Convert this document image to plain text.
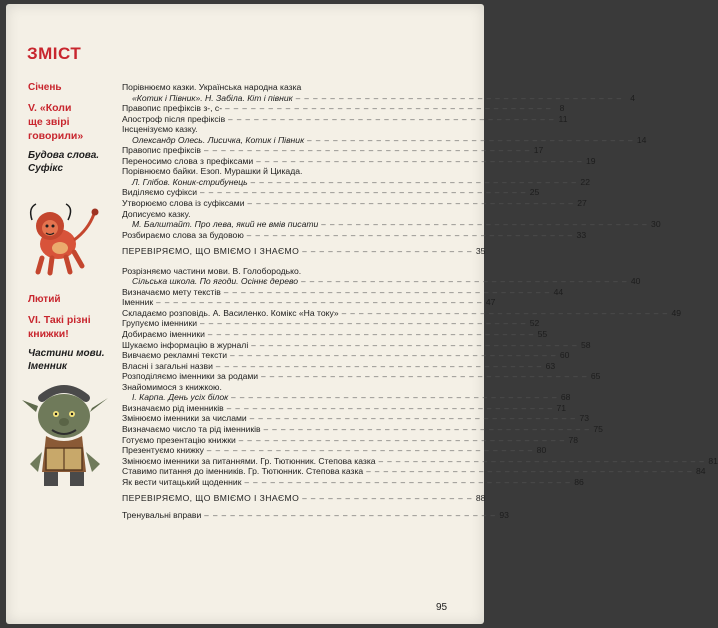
ЗМІСТ
Січень
V. «Коли
ще звірі
говорили»
Будова слова.
Суфікс
Лютий
VI. Такі різні
книжки!
Частини мови.
Іменник
Порівнюємо казки. Українська народна казка
«Котик і Півник». Н. Забіла. Кіт і півник – – – – – – – – – – – – – – – – – – – – – – – – – – – – – – – – – – – – – – 4
Правопис префіксів з-, с- – – – – – – – – – – – – – – – – – – – – – – – – – – – – – – – – – – – – – – 8
Апостроф після префіксів – – – – – – – – – – – – – – – – – – – – – – – – – – – – – – – – – – – – – – 11
Інсценізуємо казку.
Олександр Олесь. Лисичка, Котик і Півник – – – – – – – – – – – – – – – – – – – – – – – – – – – – – – – – – – – – – – 14
Правопис префіксів – – – – – – – – – – – – – – – – – – – – – – – – – – – – – – – – – – – – – – 17
Переносимо слова з префіксами – – – – – – – – – – – – – – – – – – – – – – – – – – – – – – – – – – – – – – 19
Порівнюємо байки. Езоп. Мурашки й Цикада.
Л. Глібов. Коник-стрибунець – – – – – – – – – – – – – – – – – – – – – – – – – – – – – – – – – – – – – – 22
Виділяємо суфікси – – – – – – – – – – – – – – – – – – – – – – – – – – – – – – – – – – – – – – 25
Утворюємо слова із суфіксами – – – – – – – – – – – – – – – – – – – – – – – – – – – – – – – – – – – – – – 27
Дописуємо казку.
М. Балштайт. Про лева, який не вмів писати – – – – – – – – – – – – – – – – – – – – – – – – – – – – – – – – – – – – – – 30
Розбираємо слова за будовою – – – – – – – – – – – – – – – – – – – – – – – – – – – – – – – – – – – – – – 33
ПЕРЕВІРЯЄМО, ЩО ВМІЄМО І ЗНАЄМО – – – – – – – – – – – – – – – – – – – – 35
Розрізняємо частини мови. В. Голобородько.
Сільська школа. По ягоди. Осіннє дерево – – – – – – – – – – – – – – – – – – – – – – – – – – – – – – – – – – – – – – 40
Визначаємо мету текстів – – – – – – – – – – – – – – – – – – – – – – – – – – – – – – – – – – – – – – 44
Іменник – – – – – – – – – – – – – – – – – – – – – – – – – – – – – – – – – – – – – – 47
Складаємо розповідь. А. Василенко. Комікс «На току» – – – – – – – – – – – – – – – – – – – – – – – – – – – – – – – – – – – – – – 49
Групуємо іменники – – – – – – – – – – – – – – – – – – – – – – – – – – – – – – – – – – – – – – 52
Добираємо іменники – – – – – – – – – – – – – – – – – – – – – – – – – – – – – – – – – – – – – – 55
Шукаємо інформацію в журналі – – – – – – – – – – – – – – – – – – – – – – – – – – – – – – – – – – – – – – 58
Вивчаємо рекламні тексти – – – – – – – – – – – – – – – – – – – – – – – – – – – – – – – – – – – – – – 60
Власні і загальні назви – – – – – – – – – – – – – – – – – – – – – – – – – – – – – – – – – – – – – – 63
Розподіляємо іменники за родами – – – – – – – – – – – – – – – – – – – – – – – – – – – – – – – – – – – – – – 65
Знайомимося з книжкою.
І. Карпа. День усіх білок – – – – – – – – – – – – – – – – – – – – – – – – – – – – – – – – – – – – – – 68
Визначаємо рід іменників – – – – – – – – – – – – – – – – – – – – – – – – – – – – – – – – – – – – – – 71
Змінюємо іменники за числами – – – – – – – – – – – – – – – – – – – – – – – – – – – – – – – – – – – – – – 73
Визначаємо число та рід іменників – – – – – – – – – – – – – – – – – – – – – – – – – – – – – – – – – – – – – – 75
Готуємо презентацію книжки – – – – – – – – – – – – – – – – – – – – – – – – – – – – – – – – – – – – – – 78
Презентуємо книжку – – – – – – – – – – – – – – – – – – – – – – – – – – – – – – – – – – – – – – 80
Змінюємо іменники за питаннями. Гр. Тютюнник. Степова казка – – – – – – – – – – – – – – – – – – – – – – – – – – – – – – – – – – – – – – 81
Ставимо питання до іменників. Гр. Тютюнник. Степова казка – – – – – – – – – – – – – – – – – – – – – – – – – – – – – – – – – – – – – – 84
Як вести читацький щоденник – – – – – – – – – – – – – – – – – – – – – – – – – – – – – – – – – – – – – – 86
ПЕРЕВІРЯЄМО, ЩО ВМІЄМО І ЗНАЄМО – – – – – – – – – – – – – – – – – – – – 88
Тренувальні вправи – – – – – – – – – – – – – – – – – – – – – – – – – – – – – – – – – – 93
95
